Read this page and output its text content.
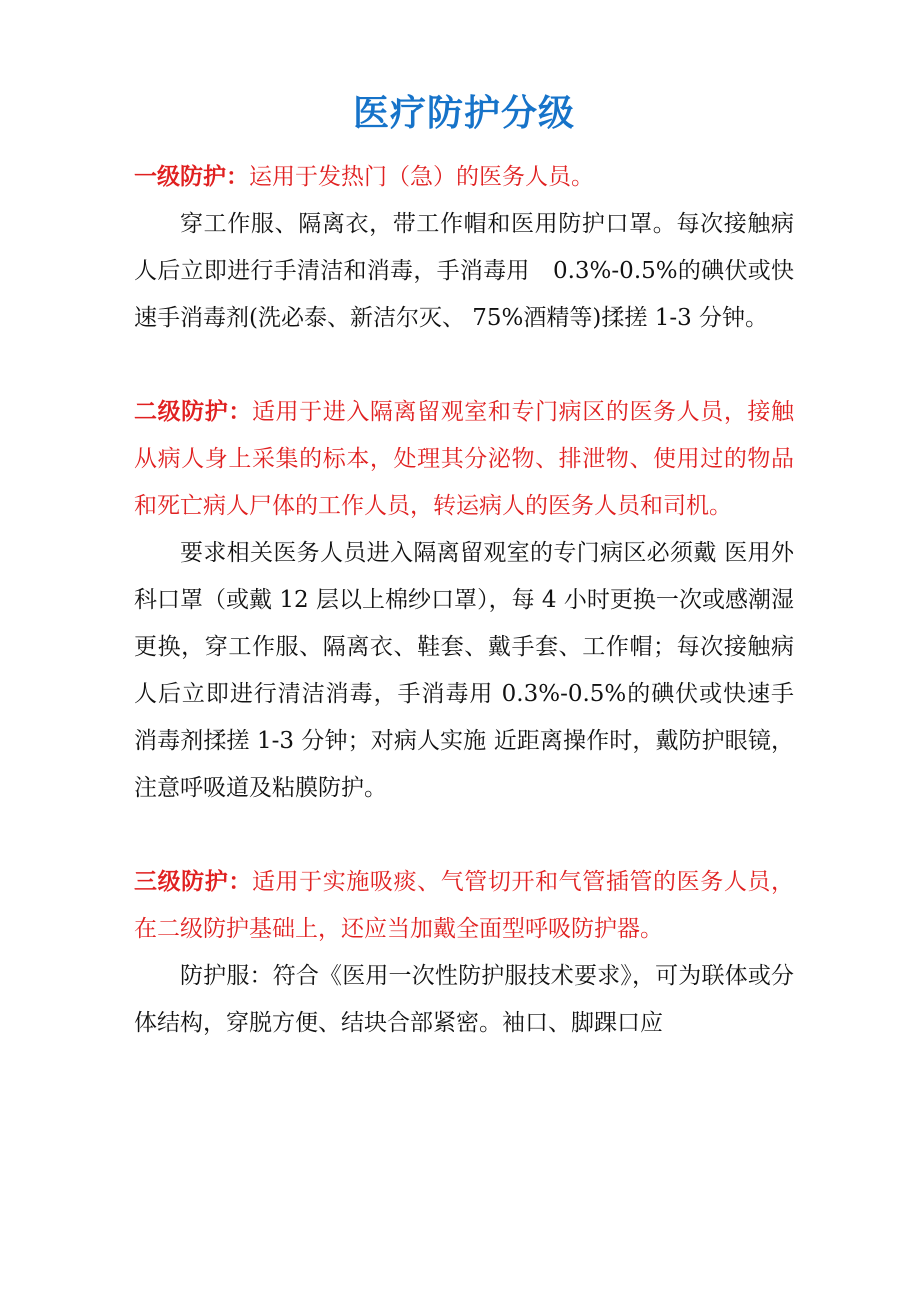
医疗防护分级

一级防护：运用于发热门（急）的医务人员。

穿工作服、隔离衣，带工作帽和医用防护口罩。每次接触病人后立即进行手清洁和消毒，手消毒用　0.3%-0.5%的碘伏或快速手消毒剂(洗必泰、新洁尔灭、 75%酒精等)揉搓 1-3 分钟。

二级防护：适用于进入隔离留观室和专门病区的医务人员，接触从病人身上采集的标本，处理其分泌物、排泄物、使用过的物品和死亡病人尸体的工作人员，转运病人的医务人员和司机。

要求相关医务人员进入隔离留观室的专门病区必须戴 医用外科口罩（或戴 12 层以上棉纱口罩），每 4 小时更换一次或感潮湿更换，穿工作服、隔离衣、鞋套、戴手套、工作帽；每次接触病人后立即进行清洁消毒，手消毒用 0.3%-0.5%的碘伏或快速手消毒剂揉搓 1-3 分钟；对病人实施 近距离操作时，戴防护眼镜，注意呼吸道及粘膜防护。

三级防护：适用于实施吸痰、气管切开和气管插管的医务人员，在二级防护基础上，还应当加戴全面型呼吸防护器。

防护服：符合《医用一次性防护服技术要求》，可为联体或分体结构，穿脱方便、结块合部紧密。袖口、脚踝口应
